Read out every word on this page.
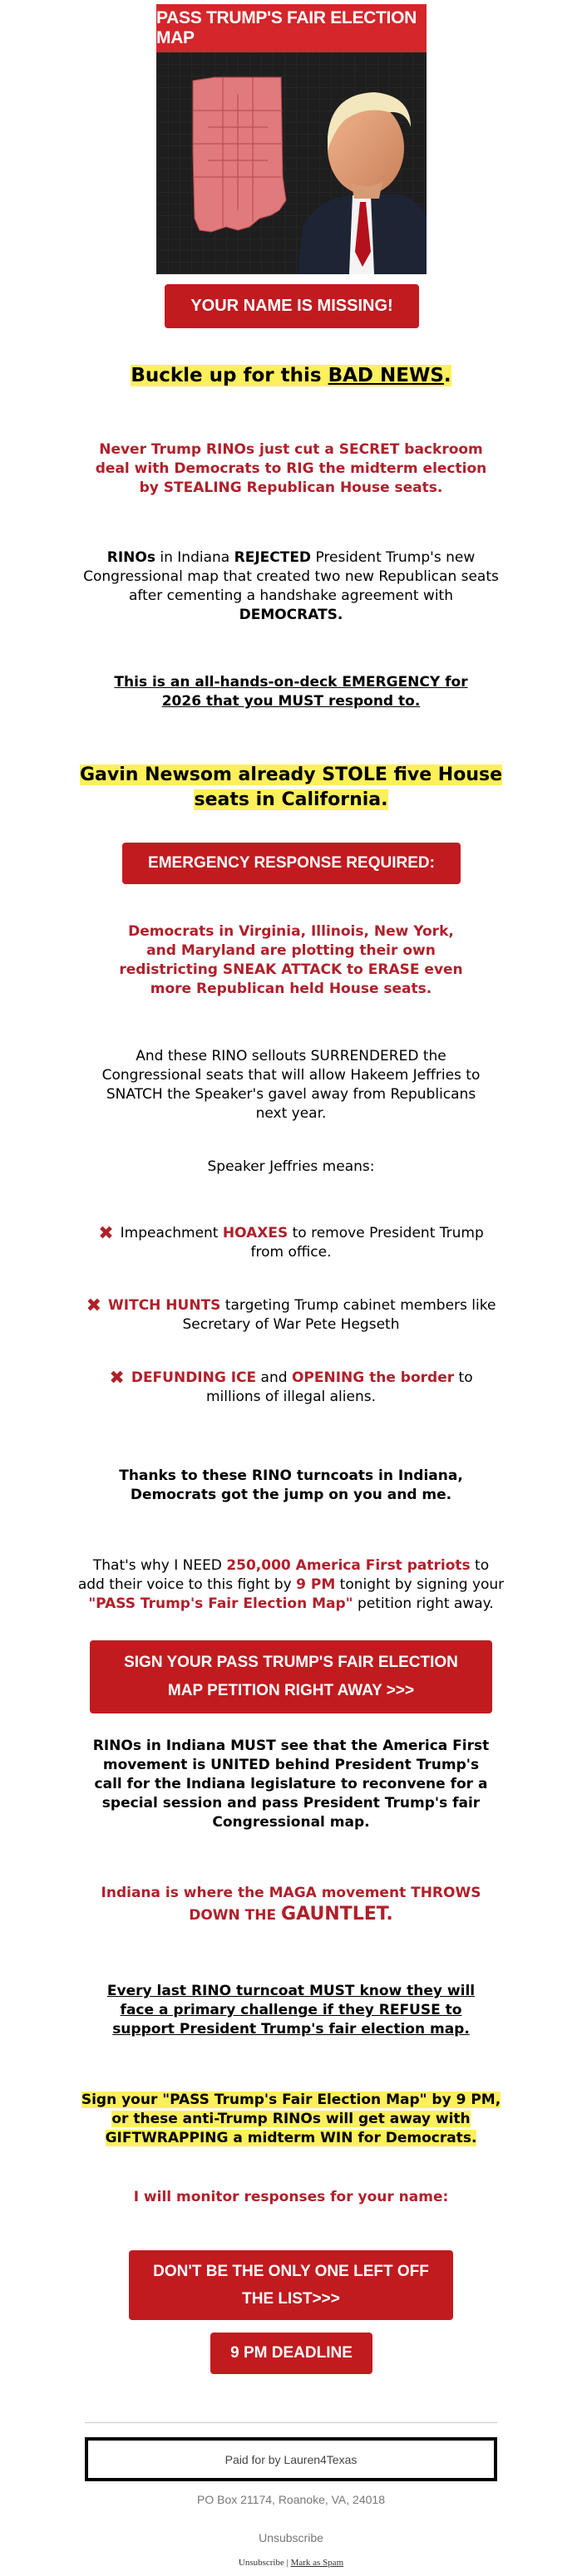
PASS TRUMP'S FAIR ELECTION MAP
YOUR NAME IS MISSING!
Buckle up for this BAD NEWS.
Never Trump RINOs just cut a SECRET backroom deal with Democrats to RIG the midterm election by STEALING Republican House seats.
RINOs in Indiana REJECTED President Trump's new
Congressional map that created two new Republican seats
after cementing a handshake agreement with
DEMOCRATS.
This is an all-hands-on-deck EMERGENCY for 2026 that you MUST respond to.
Gavin Newsom already STOLE five House
seats in California.
EMERGENCY RESPONSE REQUIRED:
Democrats in Virginia, Illinois, New York, and Maryland are plotting their own redistricting SNEAK ATTACK to ERASE even more Republican held House seats.
And these RINO sellouts SURRENDERED the Congressional seats that will allow Hakeem Jeffries to SNATCH the Speaker's gavel away from Republicans next year.
Speaker Jeffries means:
✖ Impeachment HOAXES to remove President Trump
from office.
✖ WITCH HUNTS targeting Trump cabinet members like
Secretary of War Pete Hegseth
✖ DEFUNDING ICE and OPENING the border to
millions of illegal aliens.
Thanks to these RINO turncoats in Indiana, Democrats got the jump on you and me.
That's why I NEED 250,000 America First patriots to
add their voice to this fight by 9 PM tonight by signing your
"PASS Trump's Fair Election Map" petition right away.
SIGN YOUR PASS TRUMP'S FAIR ELECTION
MAP PETITION RIGHT AWAY >>>
RINOs in Indiana MUST see that the America First movement is UNITED behind President Trump's call for the Indiana legislature to reconvene for a special session and pass President Trump's fair Congressional map.
Indiana is where the MAGA movement THROWS
DOWN THE GAUNTLET.
Every last RINO turncoat MUST know they will face a primary challenge if they REFUSE to support President Trump's fair election map.
Sign your "PASS Trump's Fair Election Map" by 9 PM,
or these anti-Trump RINOs will get away with
GIFTWRAPPING a midterm WIN for Democrats.
I will monitor responses for your name:
DON'T BE THE ONLY ONE LEFT OFF
THE LIST>>>
9 PM DEADLINE
Paid for by Lauren4Texas
PO Box 21174, Roanoke, VA, 24018
Unsubscribe
Unsubscribe | Mark as Spam
